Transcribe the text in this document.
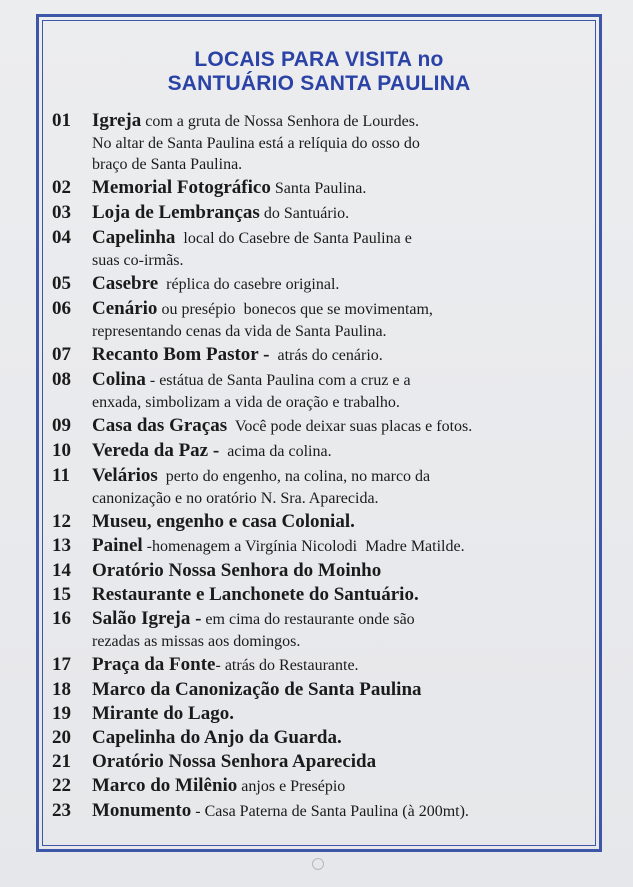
LOCAIS PARA VISITA no
SANTUÁRIO SANTA PAULINA
01 Igreja com a gruta de Nossa Senhora de Lourdes.
No altar de Santa Paulina está a relíquia do osso do
braço de Santa Paulina.
02 Memorial Fotográfico Santa Paulina.
03 Loja de Lembranças do Santuário.
04 Capelinha  local do Casebre de Santa Paulina e
suas co-irmãs.
05 Casebre  réplica do casebre original.
06 Cenário ou presépio  bonecos que se movimentam,
representando cenas da vida de Santa Paulina.
07 Recanto Bom Pastor -  atrás do cenário.
08 Colina - estátua de Santa Paulina com a cruz e a
enxada, simbolizam a vida de oração e trabalho.
09 Casa das Graças  Você pode deixar suas placas e fotos.
10 Vereda da Paz -  acima da colina.
11 Velários  perto do engenho, na colina, no marco da
canonização e no oratório N. Sra. Aparecida.
12 Museu, engenho e casa Colonial.
13 Painel -homenagem a Virgínia Nicolodi  Madre Matilde.
14 Oratório Nossa Senhora do Moinho
15 Restaurante e Lanchonete do Santuário.
16 Salão Igreja - em cima do restaurante onde são
rezadas as missas aos domingos.
17 Praça da Fonte- atrás do Restaurante.
18 Marco da Canonização de Santa Paulina
19 Mirante do Lago.
20 Capelinha do Anjo da Guarda.
21 Oratório Nossa Senhora Aparecida
22 Marco do Milênio anjos e Presépio
23 Monumento - Casa Paterna de Santa Paulina (à 200mt).
